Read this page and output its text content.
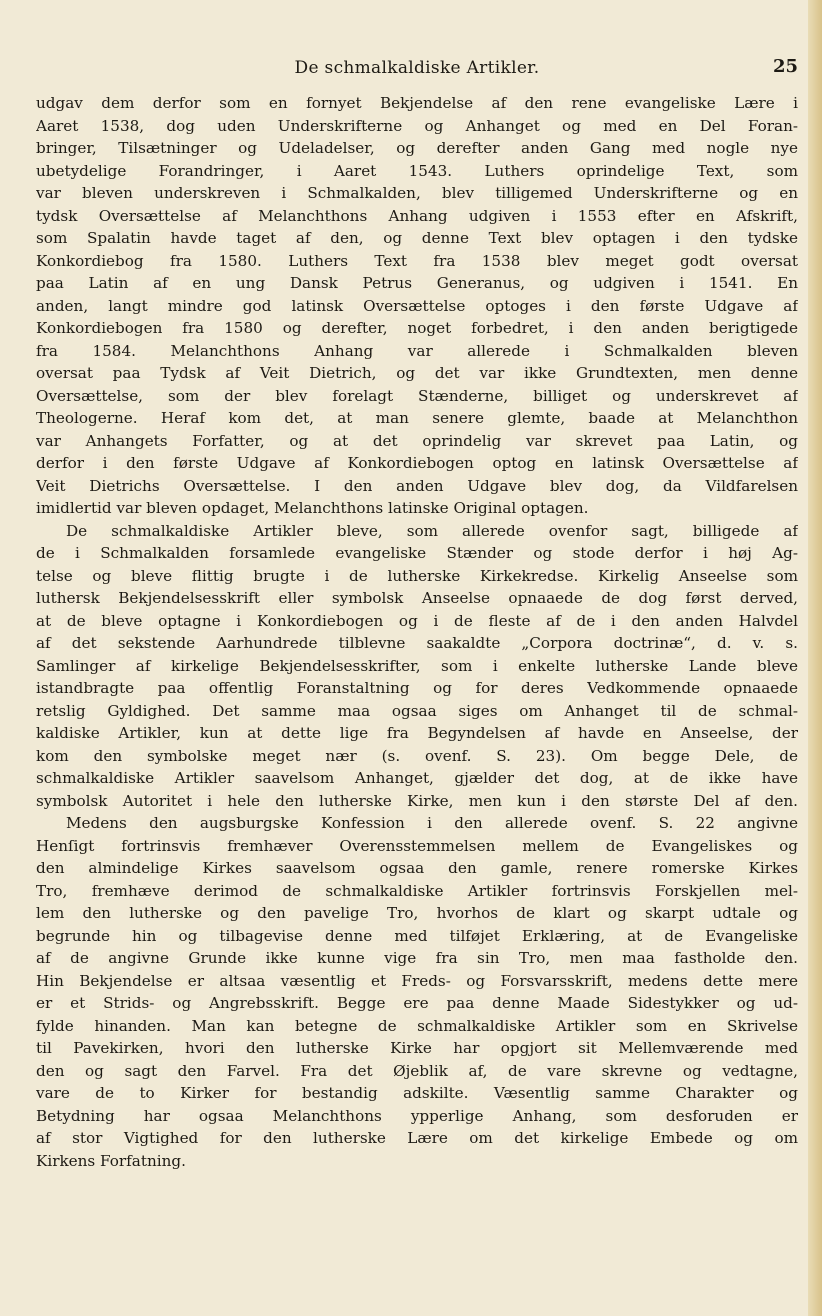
De schmalkaldiske Artikler.	25
udgav dem derfor som en fornyet Bekjendelse af den rene evangeliske Lære i
Aaret 1538, dog uden Underskrifterne og Anhanget og med en Del Foran-
bringer, Tilsætninger og Udeladelser, og derefter anden Gang med nogle nye
ubetydelige Forandringer, i Aaret 1543. Luthers oprindelige Text, som
var bleven underskreven i Schmalkalden, blev tilligemed Underskrifterne og en
tydsk Oversættelse af Melanchthons Anhang udgiven i 1553 efter en Afskrift,
som Spalatin havde taget af den, og denne Text blev optagen i den tydske
Konkordiebog fra 1580. Luthers Text fra 1538 blev meget godt oversat
paa Latin af en ung Dansk Petrus Generanus, og udgiven i 1541. En
anden, langt mindre god latinsk Oversættelse optoges i den første Udgave af
Konkordiebogen fra 1580 og derefter, noget forbedret, i den anden berigtigede
fra 1584. Melanchthons Anhang var allerede i Schmalkalden bleven
oversat paa Tydsk af Veit Dietrich, og det var ikke Grundtexten, men denne
Oversættelse, som der blev forelagt Stænderne, billiget og underskrevet af
Theologerne. Heraf kom det, at man senere glemte, baade at Melanchthon
var Anhangets Forfatter, og at det oprindelig var skrevet paa Latin, og
derfor i den første Udgave af Konkordiebogen optog en latinsk Oversættelse af
Veit Dietrichs Oversættelse. I den anden Udgave blev dog, da Vildfarelsen
imidlertid var bleven opdaget, Melanchthons latinske Original optagen.
De schmalkaldiske Artikler bleve, som allerede ovenfor sagt, billigede af
de i Schmalkalden forsamlede evangeliske Stænder og stode derfor i høj Ag-
telse og bleve flittig brugte i de lutherske Kirkekredse. Kirkelig Anseelse som
luthersk Bekjendelsesskrift eller symbolsk Anseelse opnaaede de dog først derved,
at de bleve optagne i Konkordiebogen og i de fleste af de i den anden Halvdel
af det sekstende Aarhundrede tilblevne saakaldte „Corpora doctrinæ“, d. v. s.
Samlinger af kirkelige Bekjendelsesskrifter, som i enkelte lutherske Lande bleve
istandbragte paa offentlig Foranstaltning og for deres Vedkommende opnaaede
retslig Gyldighed. Det samme maa ogsaa siges om Anhanget til de schmal-
kaldiske Artikler, kun at dette lige fra Begyndelsen af havde en Anseelse, der
kom den symbolske meget nær (s. ovenf. S. 23). Om begge Dele, de
schmalkaldiske Artikler saavelsom Anhanget, gjælder det dog, at de ikke have
symbolsk Autoritet i hele den lutherske Kirke, men kun i den største Del af den.
Medens den augsburgske Konfession i den allerede ovenf. S. 22 angivne
Henſigt fortrinsvis fremhæver Overensstemmelsen mellem de Evangeliskes og
den almindelige Kirkes saavelsom ogsaa den gamle, renere romerske Kirkes
Tro, fremhæve derimod de schmalkaldiske Artikler fortrinsvis Forskjellen mel-
lem den lutherske og den pavelige Tro, hvorhos de klart og skarpt udtale og
begrunde hin og tilbagevise denne med tilføjet Erklæring, at de Evangeliske
af de angivne Grunde ikke kunne vige fra sin Tro, men maa fastholde den.
Hin Bekjendelse er altsaa væsentlig et Freds- og Forsvarsskrift, medens dette mere
er et Strids- og Angrebsskrift. Begge ere paa denne Maade Sidestykker og ud-
fylde hinanden. Man kan betegne de schmalkaldiske Artikler som en Skrivelse
til Pavekirken, hvori den lutherske Kirke har opgjort sit Mellemværende med
den og sagt den Farvel. Fra det Øjeblik af, de vare skrevne og vedtagne,
vare de to Kirker for bestandig adskilte. Væsentlig samme Charakter og
Betydning har ogsaa Melanchthons ypperlige Anhang, som desforuden er
af stor Vigtighed for den lutherske Lære om det kirkelige Embede og om
Kirkens Forfatning.
